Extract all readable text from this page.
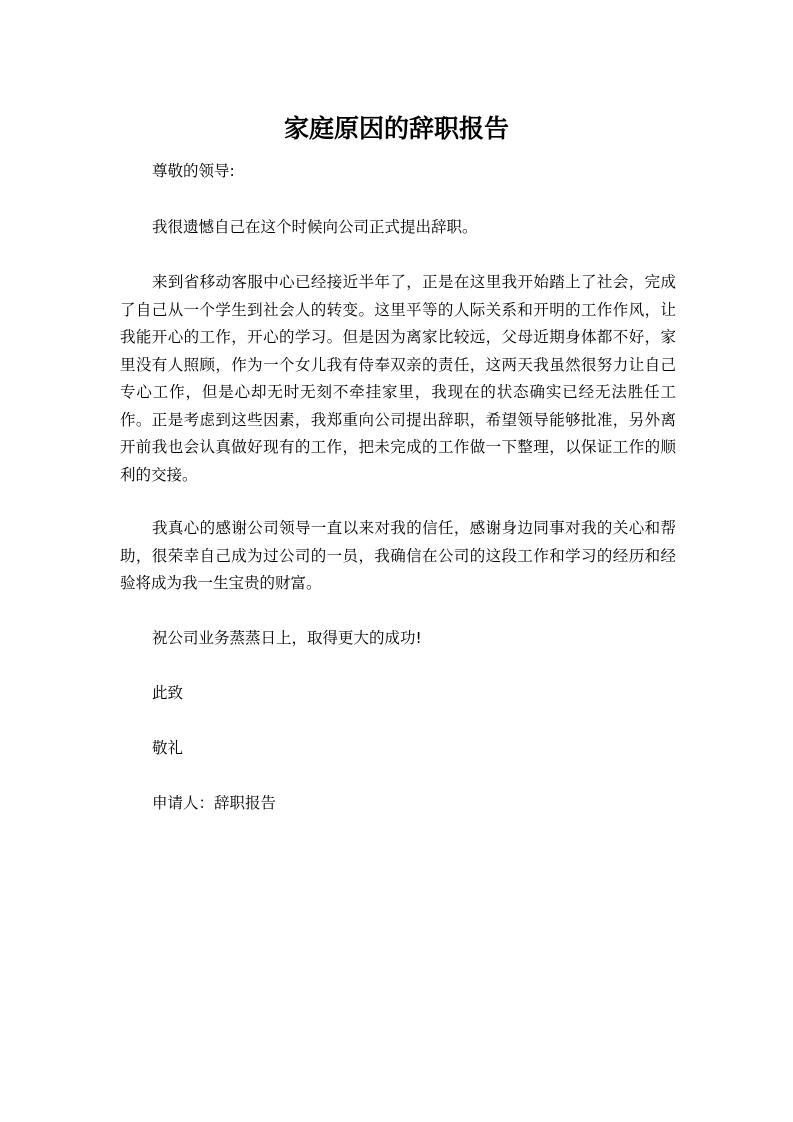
家庭原因的辞职报告

尊敬的领导:

我很遗憾自己在这个时候向公司正式提出辞职。

来到省移动客服中心已经接近半年了，正是在这里我开始踏上了社会，完成了自己从一个学生到社会人的转变。这里平等的人际关系和开明的工作作风，让我能开心的工作，开心的学习。但是因为离家比较远，父母近期身体都不好，家里没有人照顾，作为一个女儿我有侍奉双亲的责任，这两天我虽然很努力让自己专心工作，但是心却无时无刻不牵挂家里，我现在的状态确实已经无法胜任工作。正是考虑到这些因素，我郑重向公司提出辞职，希望领导能够批准，另外离开前我也会认真做好现有的工作，把未完成的工作做一下整理，以保证工作的顺利的交接。

我真心的感谢公司领导一直以来对我的信任，感谢身边同事对我的关心和帮助，很荣幸自己成为过公司的一员，我确信在公司的这段工作和学习的经历和经验将成为我一生宝贵的财富。

祝公司业务蒸蒸日上，取得更大的成功!

此致

敬礼

申请人：辞职报告
